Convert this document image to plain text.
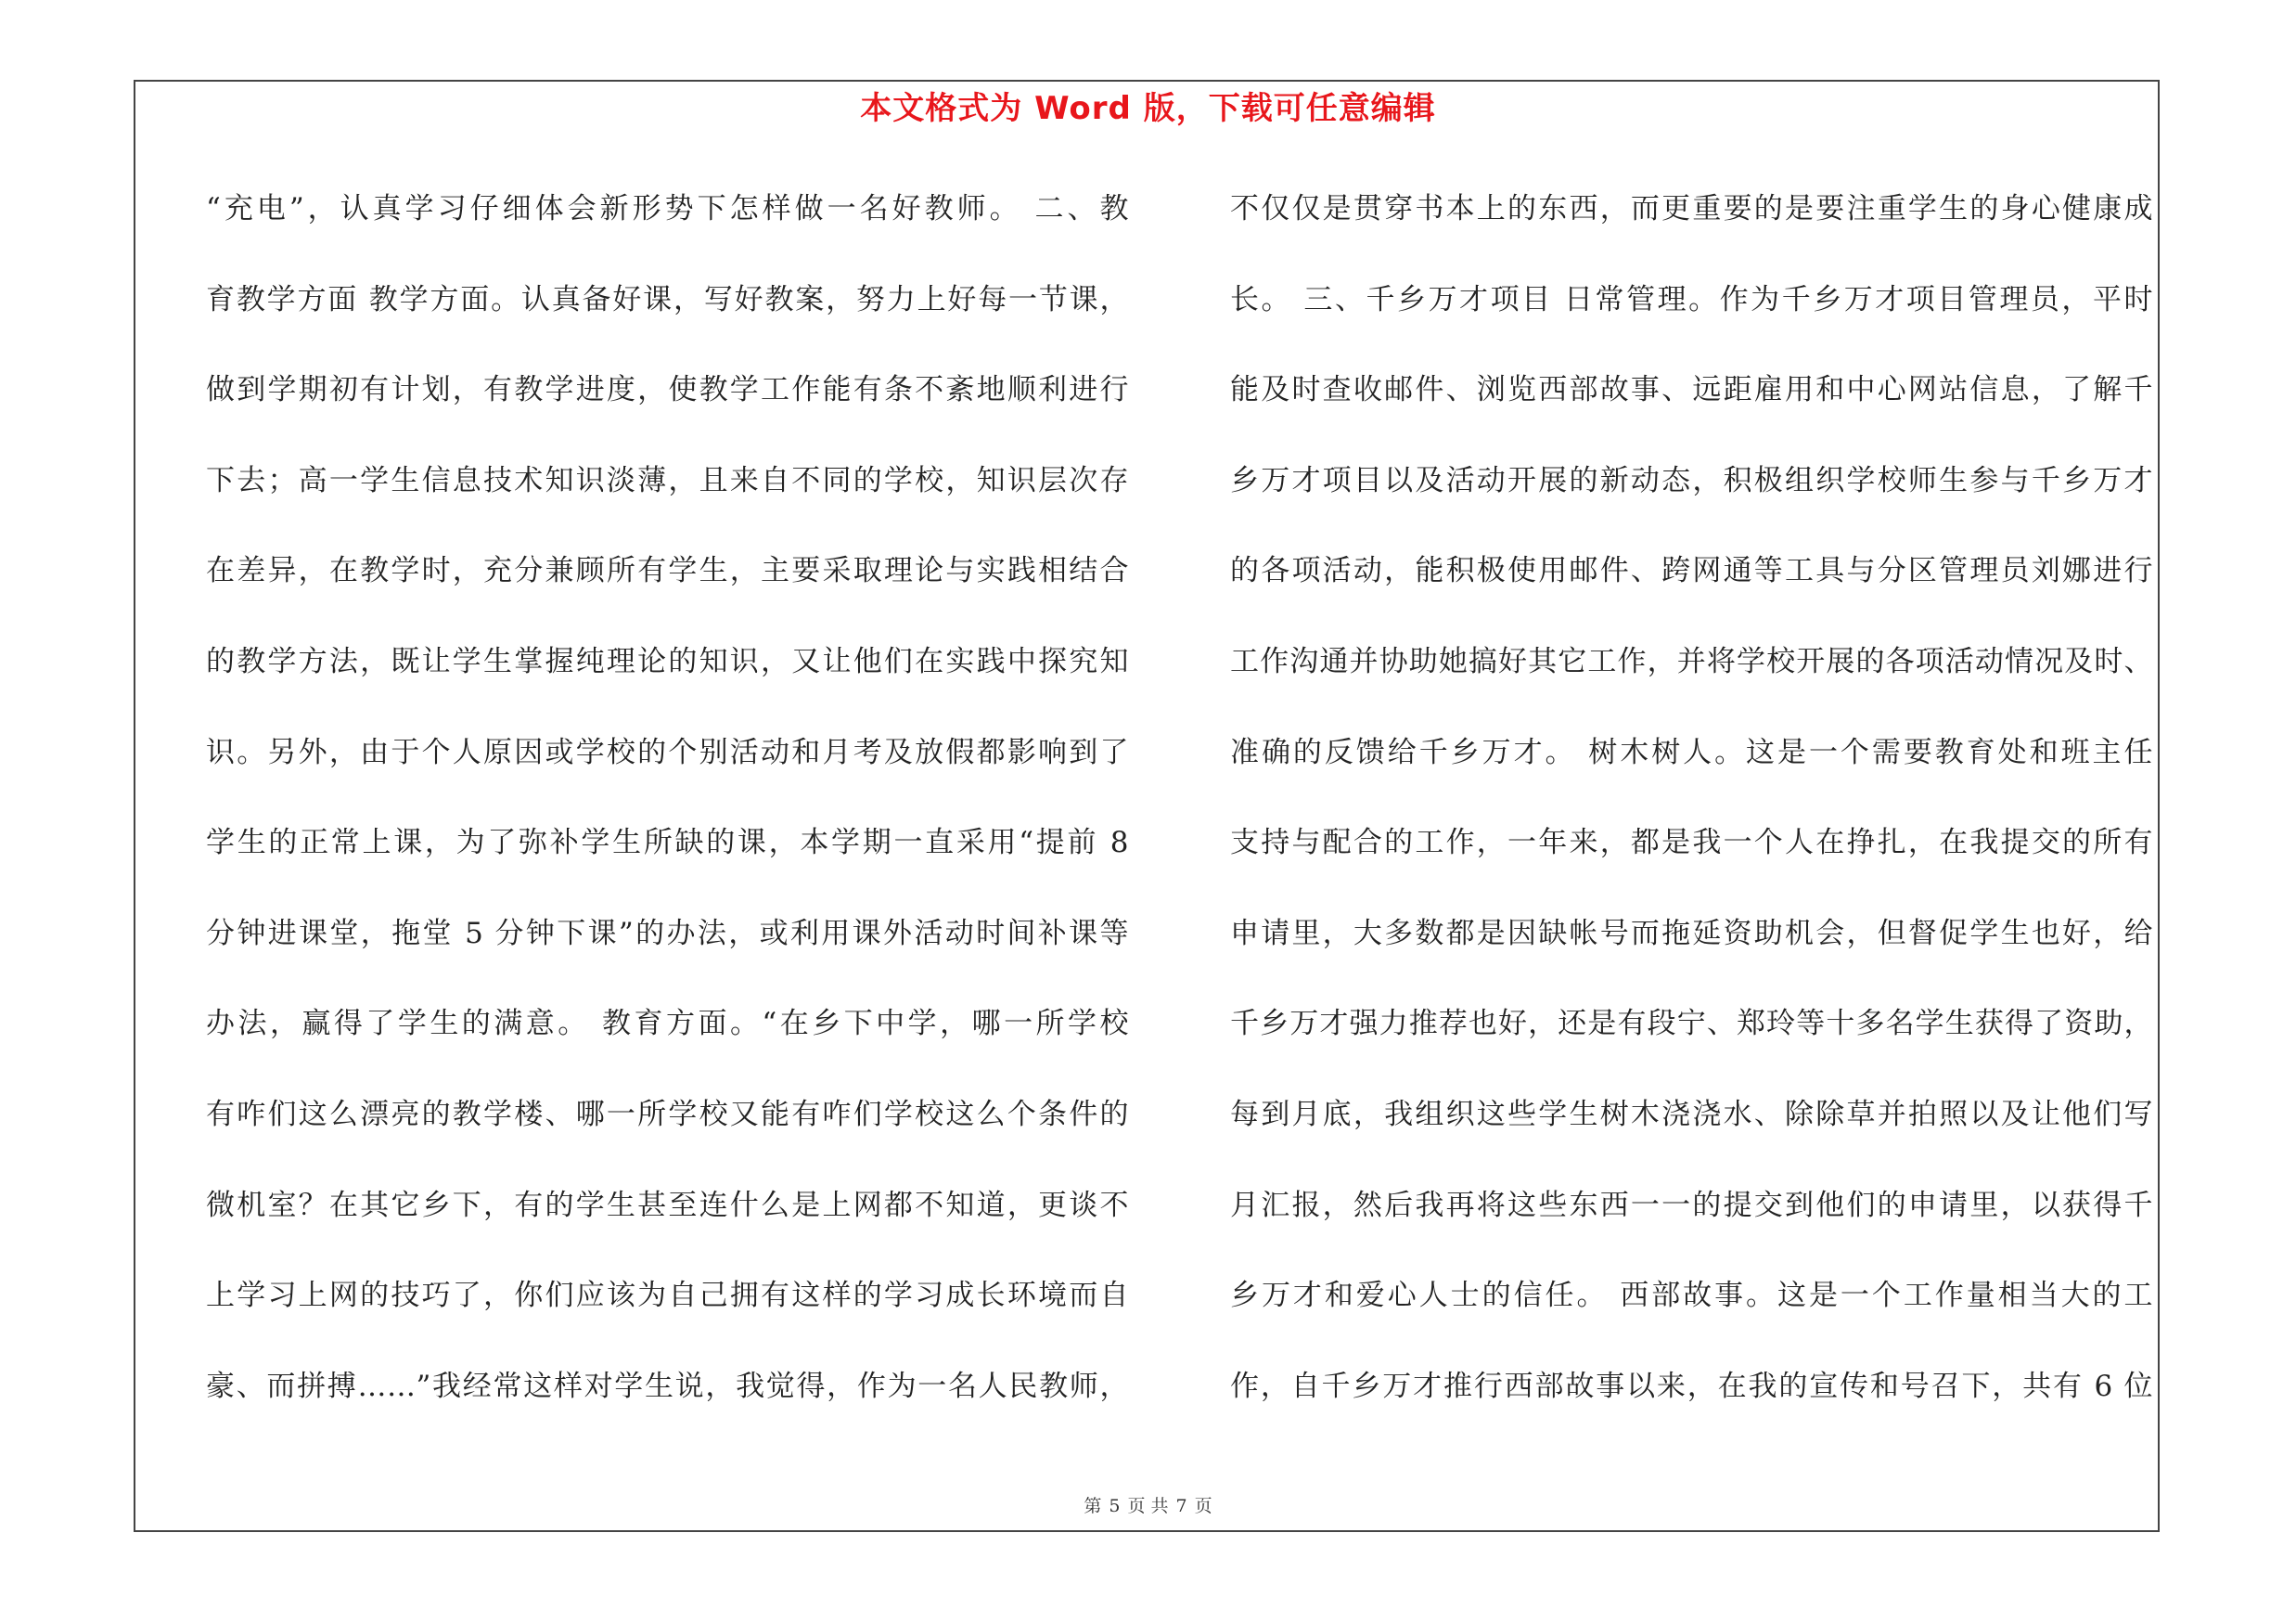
本文格式为 Word 版，下载可任意编辑
“充电”，认真学习仔细体会新形势下怎样做一名好教师。 二、教
育教学方面 教学方面。认真备好课，写好教案，努力上好每一节课，
做到学期初有计划，有教学进度，使教学工作能有条不紊地顺利进行
下去；高一学生信息技术知识淡薄，且来自不同的学校，知识层次存
在差异，在教学时，充分兼顾所有学生，主要采取理论与实践相结合
的教学方法，既让学生掌握纯理论的知识，又让他们在实践中探究知
识。另外，由于个人原因或学校的个别活动和月考及放假都影响到了
学生的正常上课，为了弥补学生所缺的课，本学期一直采用“提前 8
分钟进课堂，拖堂 5 分钟下课”的办法，或利用课外活动时间补课等
办法，赢得了学生的满意。 教育方面。“在乡下中学，哪一所学校
有咋们这么漂亮的教学楼、哪一所学校又能有咋们学校这么个条件的
微机室？在其它乡下，有的学生甚至连什么是上网都不知道，更谈不
上学习上网的技巧了，你们应该为自己拥有这样的学习成长环境而自
豪、而拼搏……”我经常这样对学生说，我觉得，作为一名人民教师，
不仅仅是贯穿书本上的东西，而更重要的是要注重学生的身心健康成
长。 三、千乡万才项目 日常管理。作为千乡万才项目管理员，平时
能及时查收邮件、浏览西部故事、远距雇用和中心网站信息，了解千
乡万才项目以及活动开展的新动态，积极组织学校师生参与千乡万才
的各项活动，能积极使用邮件、跨网通等工具与分区管理员刘娜进行
工作沟通并协助她搞好其它工作，并将学校开展的各项活动情况及时、
准确的反馈给千乡万才。 树木树人。这是一个需要教育处和班主任
支持与配合的工作，一年来，都是我一个人在挣扎，在我提交的所有
申请里，大多数都是因缺帐号而拖延资助机会，但督促学生也好，给
千乡万才强力推荐也好，还是有段宁、郑玲等十多名学生获得了资助，
每到月底，我组织这些学生树木浇浇水、除除草并拍照以及让他们写
月汇报，然后我再将这些东西一一的提交到他们的申请里，以获得千
乡万才和爱心人士的信任。 西部故事。这是一个工作量相当大的工
作，自千乡万才推行西部故事以来，在我的宣传和号召下，共有 6 位
第 5 页 共 7 页
